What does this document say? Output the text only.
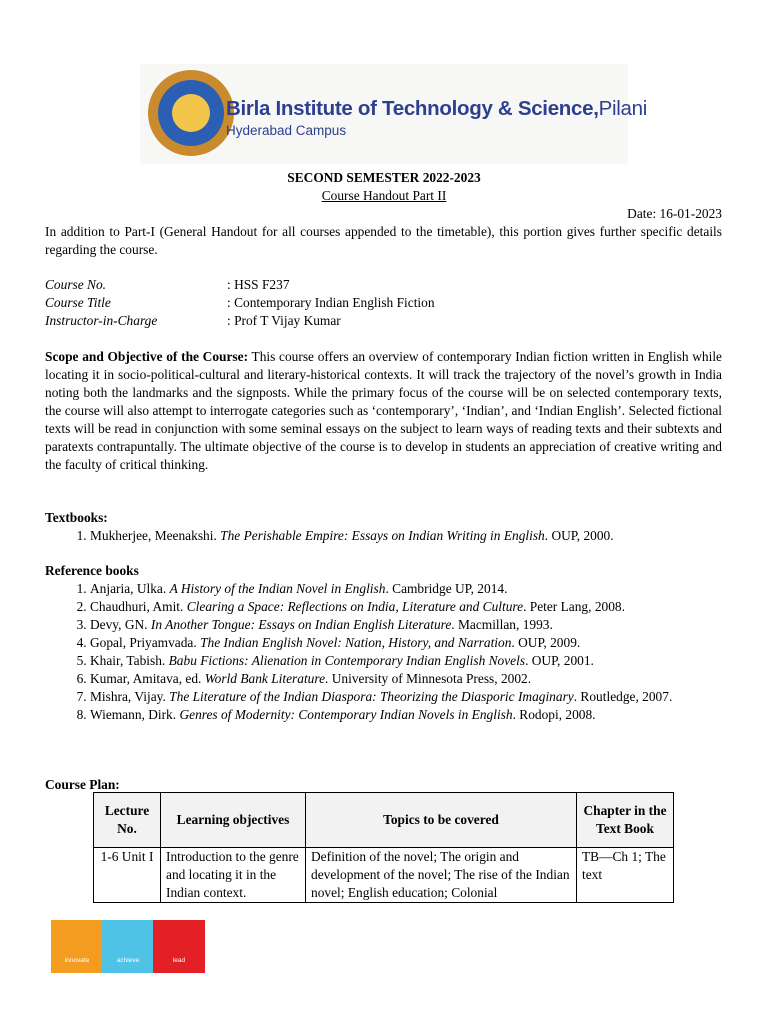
Birla Institute of Technology & Science,Pilani
Hyderabad Campus
SECOND SEMESTER 2022-2023
Course Handout Part II
Date: 16-01-2023
In addition to Part-I (General Handout for all courses appended to the timetable), this portion gives further specific details regarding the course.
Course No.	: HSS F237
Course Title	: Contemporary Indian English Fiction
Instructor-in-Charge	: Prof T Vijay Kumar
Scope and Objective of the Course: This course offers an overview of contemporary Indian fiction written in English while locating it in socio-political-cultural and literary-historical contexts. It will track the trajectory of the novel’s growth in India noting both the landmarks and the signposts. While the primary focus of the course will be on selected contemporary texts, the course will also attempt to interrogate categories such as ‘contemporary’, ‘Indian’, and ‘Indian English’. Selected fictional texts will be read in conjunction with some seminal essays on the subject to learn ways of reading texts and their subtexts and paratexts contrapuntally. The ultimate objective of the course is to develop in students an appreciation of creative writing and the faculty of critical thinking.
Textbooks:
1. Mukherjee, Meenakshi. The Perishable Empire: Essays on Indian Writing in English. OUP, 2000.
Reference books
1. Anjaria, Ulka. A History of the Indian Novel in English. Cambridge UP, 2014.
2. Chaudhuri, Amit. Clearing a Space: Reflections on India, Literature and Culture. Peter Lang, 2008.
3. Devy, GN. In Another Tongue: Essays on Indian English Literature. Macmillan, 1993.
4. Gopal, Priyamvada. The Indian English Novel: Nation, History, and Narration. OUP, 2009.
5. Khair, Tabish. Babu Fictions: Alienation in Contemporary Indian English Novels. OUP, 2001.
6. Kumar, Amitava, ed. World Bank Literature. University of Minnesota Press, 2002.
7. Mishra, Vijay. The Literature of the Indian Diaspora: Theorizing the Diasporic Imaginary. Routledge, 2007.
8. Wiemann, Dirk. Genres of Modernity: Contemporary Indian Novels in English. Rodopi, 2008.
Course Plan:
Lecture No.	Learning objectives	Topics to be covered	Chapter in the Text Book
1-6 Unit I	Introduction to the genre and locating it in the Indian context.	Definition of the novel; The origin and development of the novel; The rise of the Indian novel; English education; Colonial	TB—Ch 1; The text
innovate	achieve	lead
